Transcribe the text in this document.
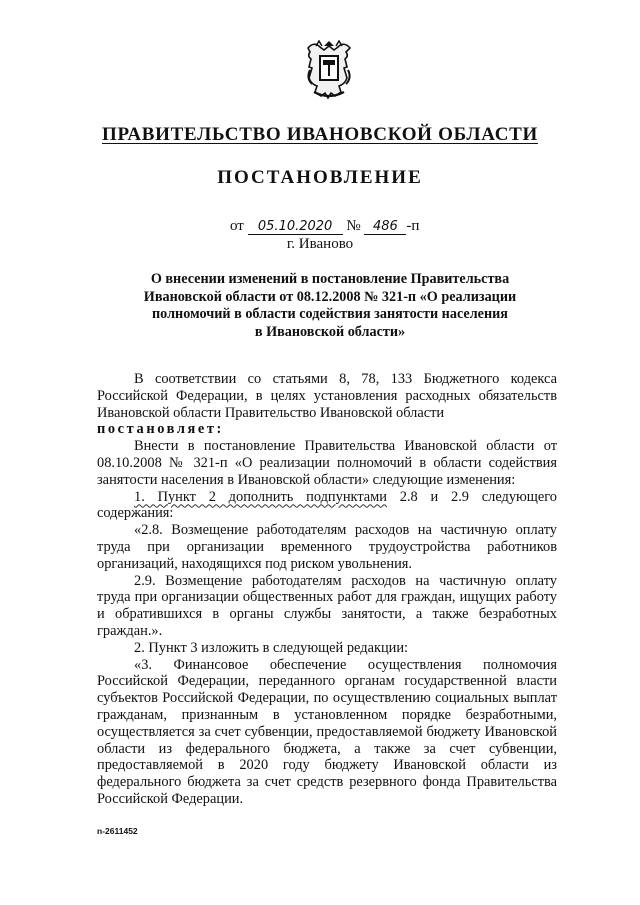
ПРАВИТЕЛЬСТВО ИВАНОВСКОЙ ОБЛАСТИ
ПОСТАНОВЛЕНИЕ
от 05.10.2020 № 486 -п
г. Иваново
О внесении изменений в постановление Правительства
Ивановской области от 08.12.2008 № 321-п «О реализации
полномочий в области содействия занятости населения
в Ивановской области»

В соответствии со статьями 8, 78, 133 Бюджетного кодекса Российской Федерации, в целях установления расходных обязательств Ивановской области Правительство Ивановской области

постановляет:

Внести в постановление Правительства Ивановской области от 08.10.2008 № 321-п «О реализации полномочий в области содействия занятости населения в Ивановской области» следующие изменения:

1. Пункт 2 дополнить подпунктами 2.8 и 2.9 следующего содержания:

«2.8. Возмещение работодателям расходов на частичную оплату труда при организации временного трудоустройства работников организаций, находящихся под риском увольнения.

2.9. Возмещение работодателям расходов на частичную оплату труда при организации общественных работ для граждан, ищущих работу и обратившихся в органы службы занятости, а также безработных граждан.».

2. Пункт 3 изложить в следующей редакции:

«3. Финансовое обеспечение осуществления полномочия Российской Федерации, переданного органам государственной власти субъектов Российской Федерации, по осуществлению социальных выплат гражданам, признанным в установленном порядке безработными, осуществляется за счет субвенции, предоставляемой бюджету Ивановской области из федерального бюджета, а также за счет субвенции, предоставляемой в 2020 году бюджету Ивановской области из федерального бюджета за счет средств резервного фонда Правительства Российской Федерации.

n-2611452
